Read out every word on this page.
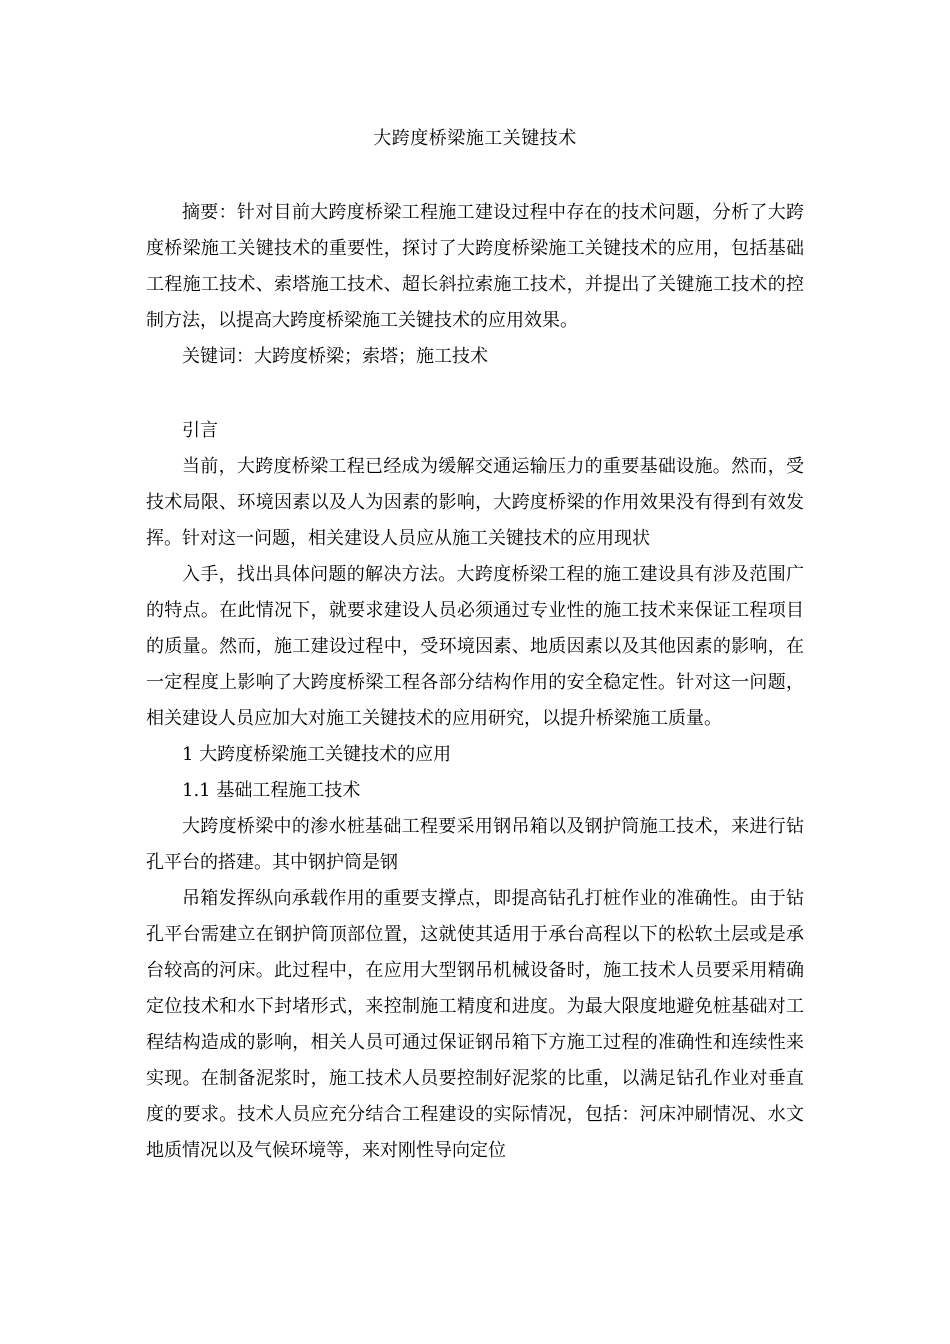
大跨度桥梁施工关键技术

摘要：针对目前大跨度桥梁工程施工建设过程中存在的技术问题，分析了大跨度桥梁施工关键技术的重要性，探讨了大跨度桥梁施工关键技术的应用，包括基础工程施工技术、索塔施工技术、超长斜拉索施工技术，并提出了关键施工技术的控制方法，以提高大跨度桥梁施工关键技术的应用效果。

关键词：大跨度桥梁；索塔；施工技术

引言

当前，大跨度桥梁工程已经成为缓解交通运输压力的重要基础设施。然而，受技术局限、环境因素以及人为因素的影响，大跨度桥梁的作用效果没有得到有效发挥。针对这一问题，相关建设人员应从施工关键技术的应用现状

入手，找出具体问题的解决方法。大跨度桥梁工程的施工建设具有涉及范围广的特点。在此情况下，就要求建设人员必须通过专业性的施工技术来保证工程项目的质量。然而，施工建设过程中，受环境因素、地质因素以及其他因素的影响，在一定程度上影响了大跨度桥梁工程各部分结构作用的安全稳定性。针对这一问题，相关建设人员应加大对施工关键技术的应用研究，以提升桥梁施工质量。

1 大跨度桥梁施工关键技术的应用

1.1 基础工程施工技术

大跨度桥梁中的渗水桩基础工程要采用钢吊箱以及钢护筒施工技术，来进行钻孔平台的搭建。其中钢护筒是钢

吊箱发挥纵向承载作用的重要支撑点，即提高钻孔打桩作业的准确性。由于钻孔平台需建立在钢护筒顶部位置，这就使其适用于承台高程以下的松软土层或是承台较高的河床。此过程中，在应用大型钢吊机械设备时，施工技术人员要采用精确定位技术和水下封堵形式，来控制施工精度和进度。为最大限度地避免桩基础对工程结构造成的影响，相关人员可通过保证钢吊箱下方施工过程的准确性和连续性来实现。在制备泥浆时，施工技术人员要控制好泥浆的比重，以满足钻孔作业对垂直度的要求。技术人员应充分结合工程建设的实际情况，包括：河床冲刷情况、水文地质情况以及气候环境等，来对刚性导向定位
